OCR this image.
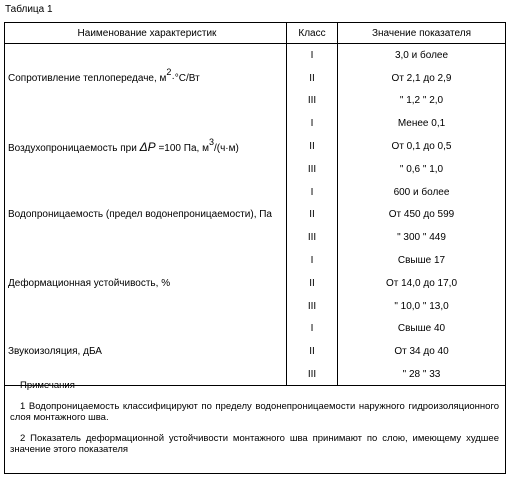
Таблица 1
Наименование характеристик	Класс	Значение показателя
Сопротивление теплопередаче, $м^2\cdot^\circ C/Вт$	I	3,0 и более
	II	От 2,1 до 2,9
	III	" 1,2 " 2,0
Воздухопроницаемость при ΔP =100 Па, $м^3/(ч\cdot м)$	I	Менее 0,1
	II	От 0,1 до 0,5
	III	" 0,6 " 1,0
Водопроницаемость (предел водонепроницаемости), Па	I	600 и более
	II	От 450 до 599
	III	" 300 " 449
Деформационная устойчивость, %	I	Свыше 17
	II	От 14,0 до 17,0
	III	" 10,0 " 13,0
Звукоизоляция, дБА	I	Свыше 40
	II	От 34 до 40
	III	" 28 " 33
Примечания
1 Водопроницаемость классифицируют по пределу водонепроницаемости наружного гидроизоляционного слоя монтажного шва.
2 Показатель деформационной устойчивости монтажного шва принимают по слою, имеющему худшее значение этого показателя
